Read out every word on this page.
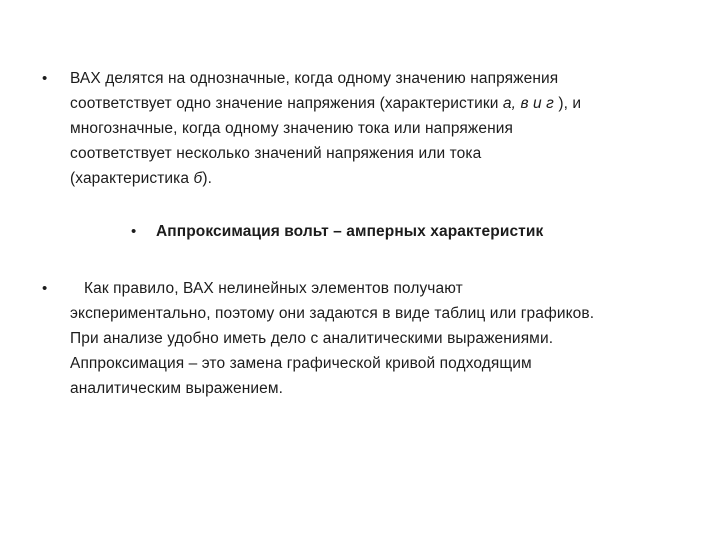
• ВАХ делятся на однозначные, когда одному значению напряжения
соответствует одно значение напряжения (характеристики а, в и г ), и
многозначные, когда одному значению тока или напряжения
соответствует несколько значений напряжения или тока
(характеристика б).
• Аппроксимация вольт – амперных характеристик
•	Как правило, ВАХ нелинейных элементов получают
экспериментально, поэтому они задаются в виде таблиц или графиков.
При анализе удобно иметь дело с аналитическими выражениями.
Аппроксимация – это замена графической кривой подходящим
аналитическим выражением.
